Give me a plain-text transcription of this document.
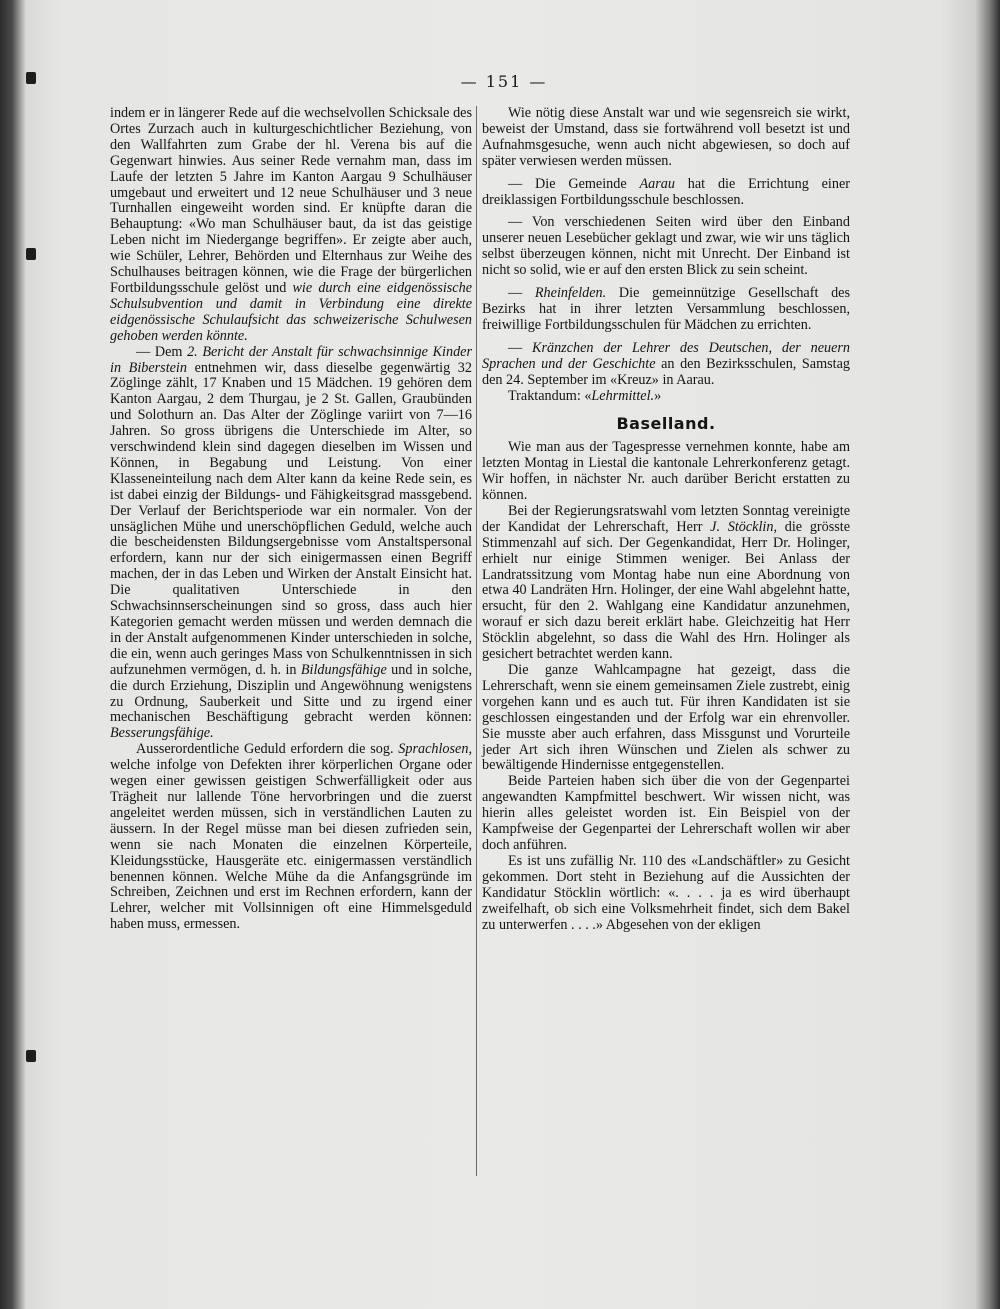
— 151 —

indem er in längerer Rede auf die wechselvollen Schicksale des Ortes Zurzach auch in kulturgeschichtlicher Beziehung, von den Wallfahrten zum Grabe der hl. Verena bis auf die Gegenwart hinwies. Aus seiner Rede vernahm man, dass im Laufe der letzten 5 Jahre im Kanton Aargau 9 Schulhäuser umgebaut und erweitert und 12 neue Schulhäuser und 3 neue Turnhallen eingeweiht worden sind. Er knüpfte daran die Behauptung: «Wo man Schulhäuser baut, da ist das geistige Leben nicht im Niedergange begriffen». Er zeigte aber auch, wie Schüler, Lehrer, Behörden und Elternhaus zur Weihe des Schulhauses beitragen können, wie die Frage der bürgerlichen Fortbildungsschule gelöst und wie durch eine eidgenössische Schulsubvention und damit in Verbindung eine direkte eidgenössische Schulaufsicht das schweizerische Schulwesen gehoben werden könnte.

— Dem 2. Bericht der Anstalt für schwachsinnige Kinder in Biberstein entnehmen wir, dass dieselbe gegenwärtig 32 Zöglinge zählt, 17 Knaben und 15 Mädchen. 19 gehören dem Kanton Aargau, 2 dem Thurgau, je 2 St. Gallen, Graubünden und Solothurn an. Das Alter der Zöglinge variirt von 7—16 Jahren. So gross übrigens die Unterschiede im Alter, so verschwindend klein sind dagegen dieselben im Wissen und Können, in Begabung und Leistung. Von einer Klasseneinteilung nach dem Alter kann da keine Rede sein, es ist dabei einzig der Bildungs- und Fähigkeitsgrad massgebend. Der Verlauf der Berichtsperiode war ein normaler. Von der unsäglichen Mühe und unerschöpflichen Geduld, welche auch die bescheidensten Bildungsergebnisse vom Anstaltspersonal erfordern, kann nur der sich einigermassen einen Begriff machen, der in das Leben und Wirken der Anstalt Einsicht hat. Die qualitativen Unterschiede in den Schwachsinnserscheinungen sind so gross, dass auch hier Kategorien gemacht werden müssen und werden demnach die in der Anstalt aufgenommenen Kinder unterschieden in solche, die ein, wenn auch geringes Mass von Schulkenntnissen in sich aufzunehmen vermögen, d. h. in Bildungsfähige und in solche, die durch Erziehung, Disziplin und Angewöhnung wenigstens zu Ordnung, Sauberkeit und Sitte und zu irgend einer mechanischen Beschäftigung gebracht werden können: Besserungsfähige.

Ausserordentliche Geduld erfordern die sog. Sprachlosen, welche infolge von Defekten ihrer körperlichen Organe oder wegen einer gewissen geistigen Schwerfälligkeit oder aus Trägheit nur lallende Töne hervorbringen und die zuerst angeleitet werden müssen, sich in verständlichen Lauten zu äussern. In der Regel müsse man bei diesen zufrieden sein, wenn sie nach Monaten die einzelnen Körperteile, Kleidungsstücke, Hausgeräte etc. einigermassen verständlich benennen können. Welche Mühe da die Anfangsgründe im Schreiben, Zeichnen und erst im Rechnen erfordern, kann der Lehrer, welcher mit Vollsinnigen oft eine Himmelsgeduld haben muss, ermessen.

Wie nötig diese Anstalt war und wie segensreich sie wirkt, beweist der Umstand, dass sie fortwährend voll besetzt ist und Aufnahmsgesuche, wenn auch nicht abgewiesen, so doch auf später verwiesen werden müssen.

— Die Gemeinde Aarau hat die Errichtung einer dreiklassigen Fortbildungsschule beschlossen.

— Von verschiedenen Seiten wird über den Einband unserer neuen Lesebücher geklagt und zwar, wie wir uns täglich selbst überzeugen können, nicht mit Unrecht. Der Einband ist nicht so solid, wie er auf den ersten Blick zu sein scheint.

— Rheinfelden. Die gemeinnützige Gesellschaft des Bezirks hat in ihrer letzten Versammlung beschlossen, freiwillige Fortbildungsschulen für Mädchen zu errichten.

— Kränzchen der Lehrer des Deutschen, der neuern Sprachen und der Geschichte an den Bezirksschulen, Samstag den 24. September im «Kreuz» in Aarau.

Traktandum: «Lehrmittel.»

Baselland.

Wie man aus der Tagespresse vernehmen konnte, habe am letzten Montag in Liestal die kantonale Lehrerkonferenz getagt. Wir hoffen, in nächster Nr. auch darüber Bericht erstatten zu können.

Bei der Regierungsratswahl vom letzten Sonntag vereinigte der Kandidat der Lehrerschaft, Herr J. Stöcklin, die grösste Stimmenzahl auf sich. Der Gegenkandidat, Herr Dr. Holinger, erhielt nur einige Stimmen weniger. Bei Anlass der Landratssitzung vom Montag habe nun eine Abordnung von etwa 40 Landräten Hrn. Holinger, der eine Wahl abgelehnt hatte, ersucht, für den 2. Wahlgang eine Kandidatur anzunehmen, worauf er sich dazu bereit erklärt habe. Gleichzeitig hat Herr Stöcklin abgelehnt, so dass die Wahl des Hrn. Holinger als gesichert betrachtet werden kann.

Die ganze Wahlcampagne hat gezeigt, dass die Lehrerschaft, wenn sie einem gemeinsamen Ziele zustrebt, einig vorgehen kann und es auch tut. Für ihren Kandidaten ist sie geschlossen eingestanden und der Erfolg war ein ehrenvoller. Sie musste aber auch erfahren, dass Missgunst und Vorurteile jeder Art sich ihren Wünschen und Zielen als schwer zu bewältigende Hindernisse entgegenstellen.

Beide Parteien haben sich über die von der Gegenpartei angewandten Kampfmittel beschwert. Wir wissen nicht, was hierin alles geleistet worden ist. Ein Beispiel von der Kampfweise der Gegenpartei der Lehrerschaft wollen wir aber doch anführen.

Es ist uns zufällig Nr. 110 des «Landschäftler» zu Gesicht gekommen. Dort steht in Beziehung auf die Aussichten der Kandidatur Stöcklin wörtlich: «. . . . ja es wird überhaupt zweifelhaft, ob sich eine Volksmehrheit findet, sich dem Bakel zu unterwerfen . . . .» Abgesehen von der ekligen
